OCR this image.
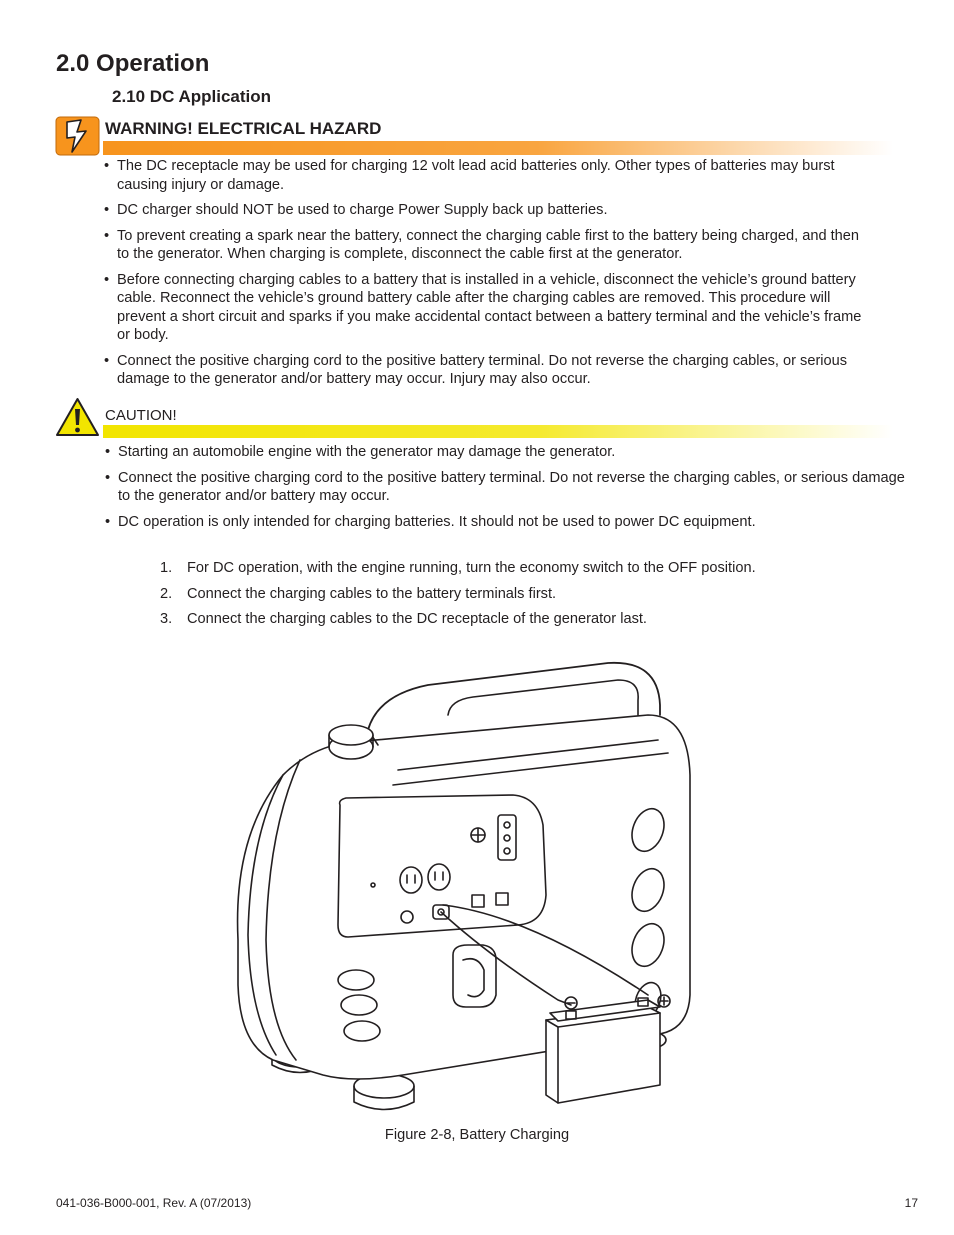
2.0 Operation
2.10 DC Application
WARNING! ELECTRICAL HAZARD
• The DC receptacle may be used for charging 12 volt lead acid batteries only. Other types of batteries may burst causing injury or damage.
• DC charger should NOT be used to charge Power Supply back up batteries.
• To prevent creating a spark near the battery, connect the charging cable first to the battery being charged, and then to the generator. When charging is complete, disconnect the cable first at the generator.
• Before connecting charging cables to a battery that is installed in a vehicle, disconnect the vehicle’s ground battery cable. Reconnect the vehicle’s ground battery cable after the charging cables are removed. This procedure will prevent a short circuit and sparks if you make accidental contact between a battery terminal and the vehicle’s frame or body.
• Connect the positive charging cord to the positive battery terminal. Do not reverse the charging cables, or serious damage to the generator and/or battery may occur. Injury may also occur.
CAUTION!
• Starting an automobile engine with the generator may damage the generator.
• Connect the positive charging cord to the positive battery terminal. Do not reverse the charging cables, or serious damage to the generator and/or battery may occur.
• DC operation is only intended for charging batteries. It should not be used to power DC equipment.
1. For DC operation, with the engine running, turn the economy switch to the OFF position.
2. Connect the charging cables to the battery terminals first.
3. Connect the charging cables to the DC receptacle of the generator last.
Figure 2-8, Battery Charging
041-036-B000-001, Rev. A (07/2013)	17
